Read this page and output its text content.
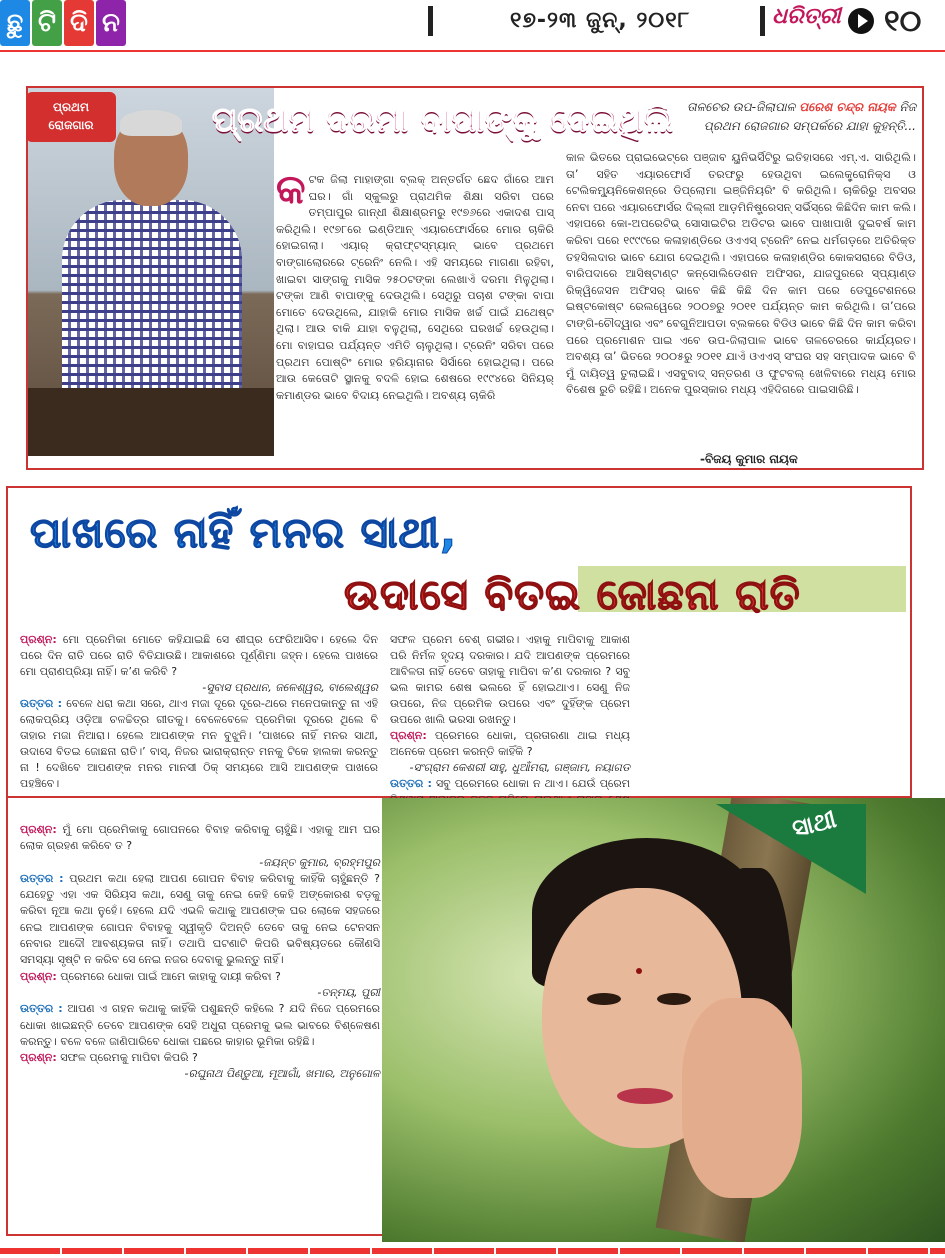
ଛୁ ଟି ଦି ନ	୧୭-୨୩ ଜୁନ୍, ୨୦୧୮	ଧରିତ୍ରୀ ୧୦
ପ୍ରଥମ
ରୋଜଗାର	ପ୍ରଥମ ଦରମା ବାପାଙ୍କୁ ଦେଇଥିଲି ତାଳଚେର ଉପ-ଜିଲାପାଳ ପରେଶ ଚନ୍ଦ୍ର ନାୟକ ନିଜ ପ୍ରଥମ ରୋଜଗାର ସମ୍ପର୍କରେ ଯାହା କୁହନ୍ତି...
କଟକ ଜିଲା ମାହାଙ୍ଗା ବ୍ଲକ୍ ଅନ୍ତର୍ଗତ ଛେଦ ଗାଁରେ ଆମ ଘର। ଗାଁ ସ୍କୁଲରୁ ପ୍ରାଥମିକ ଶିକ୍ଷା ସରିବା ପରେ ତମ୍ପାପୁର ଗାନ୍ଧୀ ଶିକ୍ଷାଶ୍ରମରୁ ୧୯୭୬ରେ ଏକାଦଶ ପାସ୍ କରିଥିଲି। ୧୯୭୮ରେ ଇଣ୍ଡିଆନ୍ ଏୟାରଫୋର୍ସରେ ମୋର ଚାକିରି ହୋଇଗଲା। ଏୟାର୍ କ୍ରାଫ୍ଟସ୍ମ୍ୟାନ୍ ଭାବେ ପ୍ରଥମେ ବାଙ୍ଗାଲୋରରେ ଟ୍ରେନିଂ ନେଲି। ଏହି ସମୟରେ ମାଗଣା ରହିବା, ଖାଇବା ସାଙ୍ଗକୁ ମାସିକ ୨୫୦ଟଙ୍କା ଲେଖାଏଁ ଦରମା ମିଳୁଥିଲା। ଟଙ୍କା ଆଣି ବାପାଙ୍କୁ ଦେଉଥିଲି। ସେଥିରୁ ପଚାଶ ଟଙ୍କା ବାପା ମୋତେ ଦେଉଥିଲେ, ଯାହାକି ମୋର ମାସିକ ଖର୍ଚ୍ଚ ପାଇଁ ଯଥେଷ୍ଟ ଥିଲା। ଆଉ ବାକି ଯାହା ବଳୁଥିଲା, ସେଥିରେ ଘରଖର୍ଚ୍ଚ ହେଉଥିଲା। ମୋ ବାହାଘର ପର୍ଯ୍ୟନ୍ତ ଏମିତି ଚାଲୁଥିଲା। ଟ୍ରେନିଂ ସରିବା ପରେ ପ୍ରଥମ ପୋଷ୍ଟିଂ ମୋର ହରିୟାନାର ସିର୍ସାରେ ହୋଇଥିଲା। ପରେ ଆଉ କେତୋଟି ସ୍ଥାନକୁ ବଦଳି ହୋଇ ଶେଷରେ ୧୯୯୪ରେ ସିନିୟର୍ କମାଣ୍ଡର ଭାବେ ବିଦାୟ ନେଇଥିଲି। ଅବଶ୍ୟ ଚାକିରି
କାଳ ଭିତରେ ପ୍ରାଇଭେଟ୍‌ରେ ପଞ୍ଜାବ ୟୁନିଭର୍ସିଟିରୁ ଇତିହାସରେ ଏମ୍.ଏ. ସାରିଥିଲି। ତା’ ସହିତ ଏୟାରଫୋର୍ସ ତରଫରୁ ହେଉଥିବା ଇଲେକ୍ଟ୍ରୋନିକ୍ସ ଓ ଟେଲିକମ୍ୟୁନିକେଶନ୍‌ରେ ଡିପ୍ଲୋମା ଇଞ୍ଜିନିୟରିଂ ବି କରିଥିଲି। ଚାକିରିରୁ ଅବସର ନେବା ପରେ ଏୟାରଫୋର୍ସର ଦିଲ୍ଲୀ ଆଡ଼ମିନିଷ୍ଟ୍ରେସନ୍ ସର୍ଭିସ୍‌ରେ କିଛିଦିନ କାମ କଲି। ଏହାପରେ କୋ-ଅପରେଟିଭ୍ ସୋସାଇଟିର ଅଡିଟର ଭାବେ ପାଖାପାଖି ଦୁଇବର୍ଷ କାମ କରିବା ପରେ ୧୯୯୯ରେ କଳାହାଣ୍ଡିରେ ଓଏଏସ୍ ଟ୍ରେନିଂ ନେଇ ଧର୍ମଗଡ଼ରେ ଅତିରିକ୍ତ ତହସିଲଦାର ଭାବେ ଯୋଗ ଦେଇଥିଲି। ଏହାପରେ କଳାହାଣ୍ଡିର କୋକସରାରେ ବିଡିଓ, ବାରିପଦାରେ ଆସିଷ୍ଟାଣ୍ଟ କନ୍‌ସୋଲିଡେଶନ ଅଫିସର, ଯାଜପୁରରେ ସ୍ପ୍ୟାଣ୍ଡ ରିକ୍ୱିଜେସନ ଅଫିସର୍ ଭାବେ କିଛି କିଛି ଦିନ କାମ ପରେ ଡେପୁଟେଶନରେ ଇଷ୍ଟକୋଷ୍ଟ ରେଲୱେରେ ୨୦୦୭ରୁ ୨୦୧୧ ପର୍ଯ୍ୟନ୍ତ କାମ କରିଥିଲି। ତା’ପରେ ଟାଙ୍ଗି-ଚୌଦ୍ୱାର ଏବଂ ବେଗୁନିଆପଡା ବ୍ଲକରେ ବିଡିଓ ଭାବେ କିଛି ଦିନ କାମ କରିବା ପରେ ପ୍ରମୋଶନ ପାଇ ଏବେ ଉପ-ଜିଲାପାଳ ଭାବେ ତାଳଚେରରେ କାର୍ଯ୍ୟରତ। ଅବଶ୍ୟ ତା’ ଭିତରେ ୨୦୦୫ରୁ ୨୦୧୧ ଯାଏଁ ଓଏଏସ୍ ସଂଘର ସହ ସମ୍ପାଦକ ଭାବେ ବି ମୁଁ ଦାୟିତ୍ୱ ତୁଲାଇଛି। ଏସବୁବାଦ୍ ସନ୍ତରଣ ଓ ଫୁଟବଲ୍ ଖେଳିବାରେ ମଧ୍ୟ ମୋର ବିଶେଷ ରୁଚି ରହିଛି। ଅନେକ ପୁରସ୍କାର ମଧ୍ୟ ଏହିଦିଗରେ ପାଇସାରିଛି।
-ବିଜୟ କୁମାର ନାୟକ
ପାଖରେ ନାହିଁ ମନର ସାଥୀ,
ଉଦାସେ ବିତଇ ଜୋଛନା ରାତି
ପ୍ରଶ୍ନ: ମୋ ପ୍ରେମିକା ମୋତେ କହିଯାଇଛି ସେ ଶୀଘ୍ର ଫେରିଆସିବ। ହେଲେ ଦିନ ପରେ ଦିନ ରାତି ପରେ ରାତି ବିତିଯାଉଛି। ଆକାଶରେ ପୂର୍ଣ୍ଣିମା ଜହ୍ନ। ହେଲେ ପାଖରେ ମୋ ପ୍ରାଣପ୍ରିୟା ନାହିଁ। କ’ଣ କରିବି ?
-ସୁବାସ ପ୍ରଧାନ, ଜଳେଶ୍ୱର, ବାଲେଶ୍ୱର
ଉତ୍ତର : ବେଳେ ଧରା କଥା ସରେ, ଥାଏ ମଜା ଦୂରେ ଦୂରେ-ଥରେ ମନେପକାନ୍ତୁ ନା ଏହି ଲୋକପ୍ରିୟ ଓଡ଼ିଆ ଚଳଚ୍ଚିତ୍ର ଗୀତକୁ। ବେଳେବେଳେ ପ୍ରେମିକା ଦୂରରେ ଥିଲେ ବି ତାହାର ମଜା ନିଆରା। ହେଲେ ଆପଣଙ୍କ ମନ ବୁଝୁନି। ‘ପାଖରେ ନାହିଁ ମନର ସାଥୀ, ଉଦାସେ ବିତଇ ଜୋଛନା ରାତି।’ ବାସ୍, ନିଜର ଭାରାକ୍ରାନ୍ତ ମନକୁ ଟିକେ ହାଲକା କରନ୍ତୁ ନା ! ଦେଖିବେ ଆପଣଙ୍କ ମନର ମାନସୀ ଠିକ୍ ସମୟରେ ଆସି ଆପଣଙ୍କ ପାଖରେ ପହଞ୍ଚିବେ।
ସଫଳ ପ୍ରେମ ବେଶ୍ ଗଭୀର। ଏହାକୁ ମାପିବାକୁ ଆକାଶ ପରି ନିର୍ମଳ ହୃଦୟ ଦରକାର। ଯଦି ଆପଣଙ୍କ ପ୍ରେମରେ ଆବିଳତା ନାହିଁ ତେବେ ତାହାକୁ ମାପିବା କ’ଣ ଦରକାର ? ସବୁ ଭଲ କାମର ଶେଷ ଭଲରେ ହିଁ ହୋଇଥାଏ। ସେଣୁ ନିଜ ଉପରେ, ନିଜ ପ୍ରେମିକ ଉପରେ ଏବଂ ଦୁହିଁଙ୍କ ପ୍ରେମ ଉପରେ ଖାଲି ଭରସା ରଖନ୍ତୁ।
ପ୍ରଶ୍ନ: ପ୍ରେମରେ ଧୋକା, ପ୍ରତାରଣା ଥାଇ ମଧ୍ୟ ଅନେକେ ପ୍ରେମ କରନ୍ତି କାହିଁକି ?
-ସଂଗ୍ରାମ କେଶରୀ ସାହୁ, ଧୁଆଁମରା, ଗଞ୍ଜାମ, ନୟାଗଡ
ଉତ୍ତର : ସବୁ ପ୍ରେମରେ ଧୋକା ନ ଥାଏ। ଯେଉଁ ପ୍ରେମ
ପ୍ରଶ୍ନ: ମୁଁ ମୋ ପ୍ରେମିକାକୁ ଗୋପନରେ ବିବାହ କରିବାକୁ ଚାହୁଁଛି। ଏହାକୁ ଆମ ଘର ଲୋକ ଗ୍ରହଣ କରିବେ ତ ?
-ଜୟନ୍ତ କୁମାର, ବ୍ରହ୍ମପୁର
ଉତ୍ତର : ପ୍ରଥମ କଥା ହେଲା ଆପଣ ଗୋପନ ବିବାହ କରିବାକୁ କାହିଁକି ଚାହୁଁଛନ୍ତି ? ଯେହେତୁ ଏହା ଏକ ସିରିୟସ କଥା, ସେଣୁ ତାକୁ ନେଇ କେହି କେହି ଅଙ୍କୋରଶ ବଡ଼କୁ କରିବା ନୂଆ କଥା ନୁହେଁ। ହେଲେ ଯଦି ଏଭଳି କଥାକୁ ଆପଣଙ୍କ ଘର ଲୋକେ ସହଜରେ ନେଇ ଆପଣଙ୍କ ଗୋପନ ବିବାହକୁ ସ୍ୱୀକୃତି ଦିଅନ୍ତି ତେବେ ତାକୁ ନେଇ ଟେନସନ ନେବାର ଆଦୌ ଆବଶ୍ୟକତା ନାହିଁ। ତଥାପି ଘଟଣାଟି କିପରି ଭବିଷ୍ୟତରେ କୌଣସି ସମସ୍ୟା ସୃଷ୍ଟି ନ କରିବ ସେ ନେଇ ନଜର ଦେବାକୁ ଭୁଲନ୍ତୁ ନାହିଁ।
ପ୍ରଶ୍ନ: ପ୍ରେମରେ ଧୋକା ପାଇଁ ଆମେ କାହାକୁ ଦାୟୀ କରିବା ?
-ତନ୍ମୟ, ପୁରୀ
ଉତ୍ତର : ଆପଣ ଏ ଗହନ କଥାକୁ କାହିଁକି ପଶୁଛନ୍ତି କହିଲେ ? ଯଦି ନିଜେ ପ୍ରେମରେ ଧୋକା ଖାଇଛନ୍ତି ତେବେ ଆପଣଙ୍କ ସେହି ଅଧୁରା ପ୍ରେମକୁ ଭଲ ଭାବରେ ବିଶ୍ଳେଷଣ କରନ୍ତୁ। ବଳେ ବଳେ ଜାଣିପାରିବେ ଧୋକା ପଛରେ କାହାର ଭୂମିକା ରହିଛି।
ପ୍ରଶ୍ନ: ସଫଳ ପ୍ରେମକୁ ମାପିବା କିପରି ?
-ରଘୁନାଥ ପିଣ୍ଡୁଆ, ମୂଆଗାଁ, ଖମାର, ଅନୁଗୋଳ
ସାଥୀ
